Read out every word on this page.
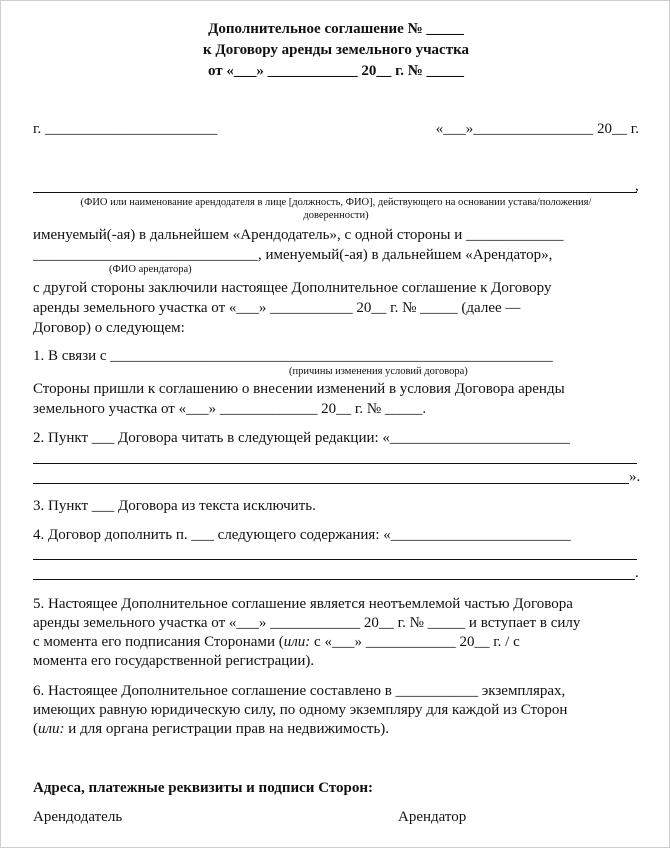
Дополнительное соглашение № _____
к Договору аренды земельного участка
от «___» ____________ 20__ г. № _____
г. _______________________	«___»________________ 20__ г.
,
(ФИО или наименование арендодателя в лице [должность, ФИО], действующего на основании устава/положения/
доверенности)
именуемый(-ая) в дальнейшем «Арендодатель», с одной стороны и _____________
______________________________, именуемый(-ая) в дальнейшем «Арендатор»,
(ФИО арендатора)
с другой стороны заключили настоящее Дополнительное соглашение к Договору
аренды земельного участка от «___» ___________ 20__ г. № _____ (далее —
Договор) о следующем:
1. В связи с ___________________________________________________________
(причины изменения условий договора)
Стороны пришли к соглашению о внесении изменений в условия Договора аренды
земельного участка от «___» _____________ 20__ г. № _____.
2. Пункт ___ Договора читать в следующей редакции: «________________________
».
3. Пункт ___ Договора из текста исключить.
4. Договор дополнить п. ___ следующего содержания: «________________________
.
5. Настоящее Дополнительное соглашение является неотъемлемой частью Договора
аренды земельного участка от «___» ____________ 20__ г. № _____ и вступает в силу
с момента его подписания Сторонами (или: с «___» ____________ 20__ г. / с
момента его государственной регистрации).
6. Настоящее Дополнительное соглашение составлено в ___________ экземплярах,
имеющих равную юридическую силу, по одному экземпляру для каждой из Сторон
(или: и для органа регистрации прав на недвижимость).
Адреса, платежные реквизиты и подписи Сторон:
Арендодатель	Арендатор
